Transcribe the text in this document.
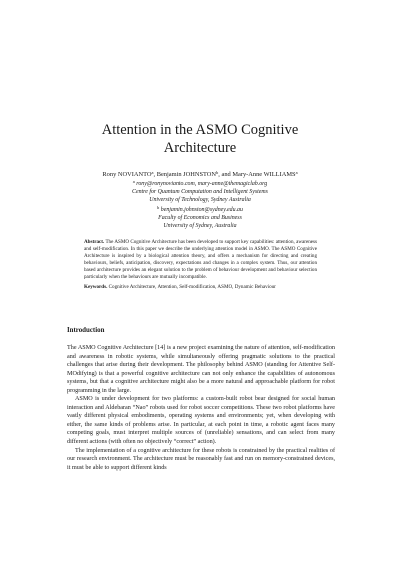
Attention in the ASMO Cognitive
Architecture
Rony NOVIANTO$^a$, Benjamin JOHNSTON$^b$, and Mary-Anne WILLIAMS$^a$
$^a$ rony@ronynovianto.com, mary-anne@themagiclab.org
Centre for Quantum Computation and Intelligent Systems
University of Technology, Sydney Australia
$^b$ benjamin.johnston@sydney.edu.au
Faculty of Economics and Business
University of Sydney, Australia

Abstract. The ASMO Cognitive Architecture has been developed to support key capabilities: attention, awareness and self-modification. In this paper we describe the underlying attention model in ASMO. The ASMO Cognitive Architecture is inspired by a biological attention theory, and offers a mechanism for directing and creating behaviours, beliefs, anticipation, discovery, expectations and changes in a complex system. Thus, our attention based architecture provides an elegant solution to the problem of behaviour development and behaviour selection particularly when the behaviours are mutually incompatible.

Keywords. Cognitive Architecture, Attention, Self-modification, ASMO, Dynamic Behaviour

Introduction

The ASMO Cognitive Architecture [14] is a new project examining the nature of attention, self-modification and awareness in robotic systems, while simultaneously offering pragmatic solutions to the practical challenges that arise during their development. The philosophy behind ASMO (standing for Attentive Self-MOdifying) is that a powerful cognitive architecture can not only enhance the capabilities of autonomous systems, but that a cognitive architecture might also be a more natural and approachable platform for robot programming in the large.

ASMO is under development for two platforms: a custom-built robot bear designed for social human interaction and Aldebaran “Nao” robots used for robot soccer competitions. These two robot platforms have vastly different physical embodiments, operating systems and environments; yet, when developing with either, the same kinds of problems arise. In particular, at each point in time, a robotic agent faces many competing goals, must interpret multiple sources of (unreliable) sensations, and can select from many different actions (with often no objectively “correct” action).

The implementation of a cognitive architecture for these robots is constrained by the practical realities of our research environment. The architecture must be reasonably fast and run on memory-constrained devices, it must be able to support different kinds
